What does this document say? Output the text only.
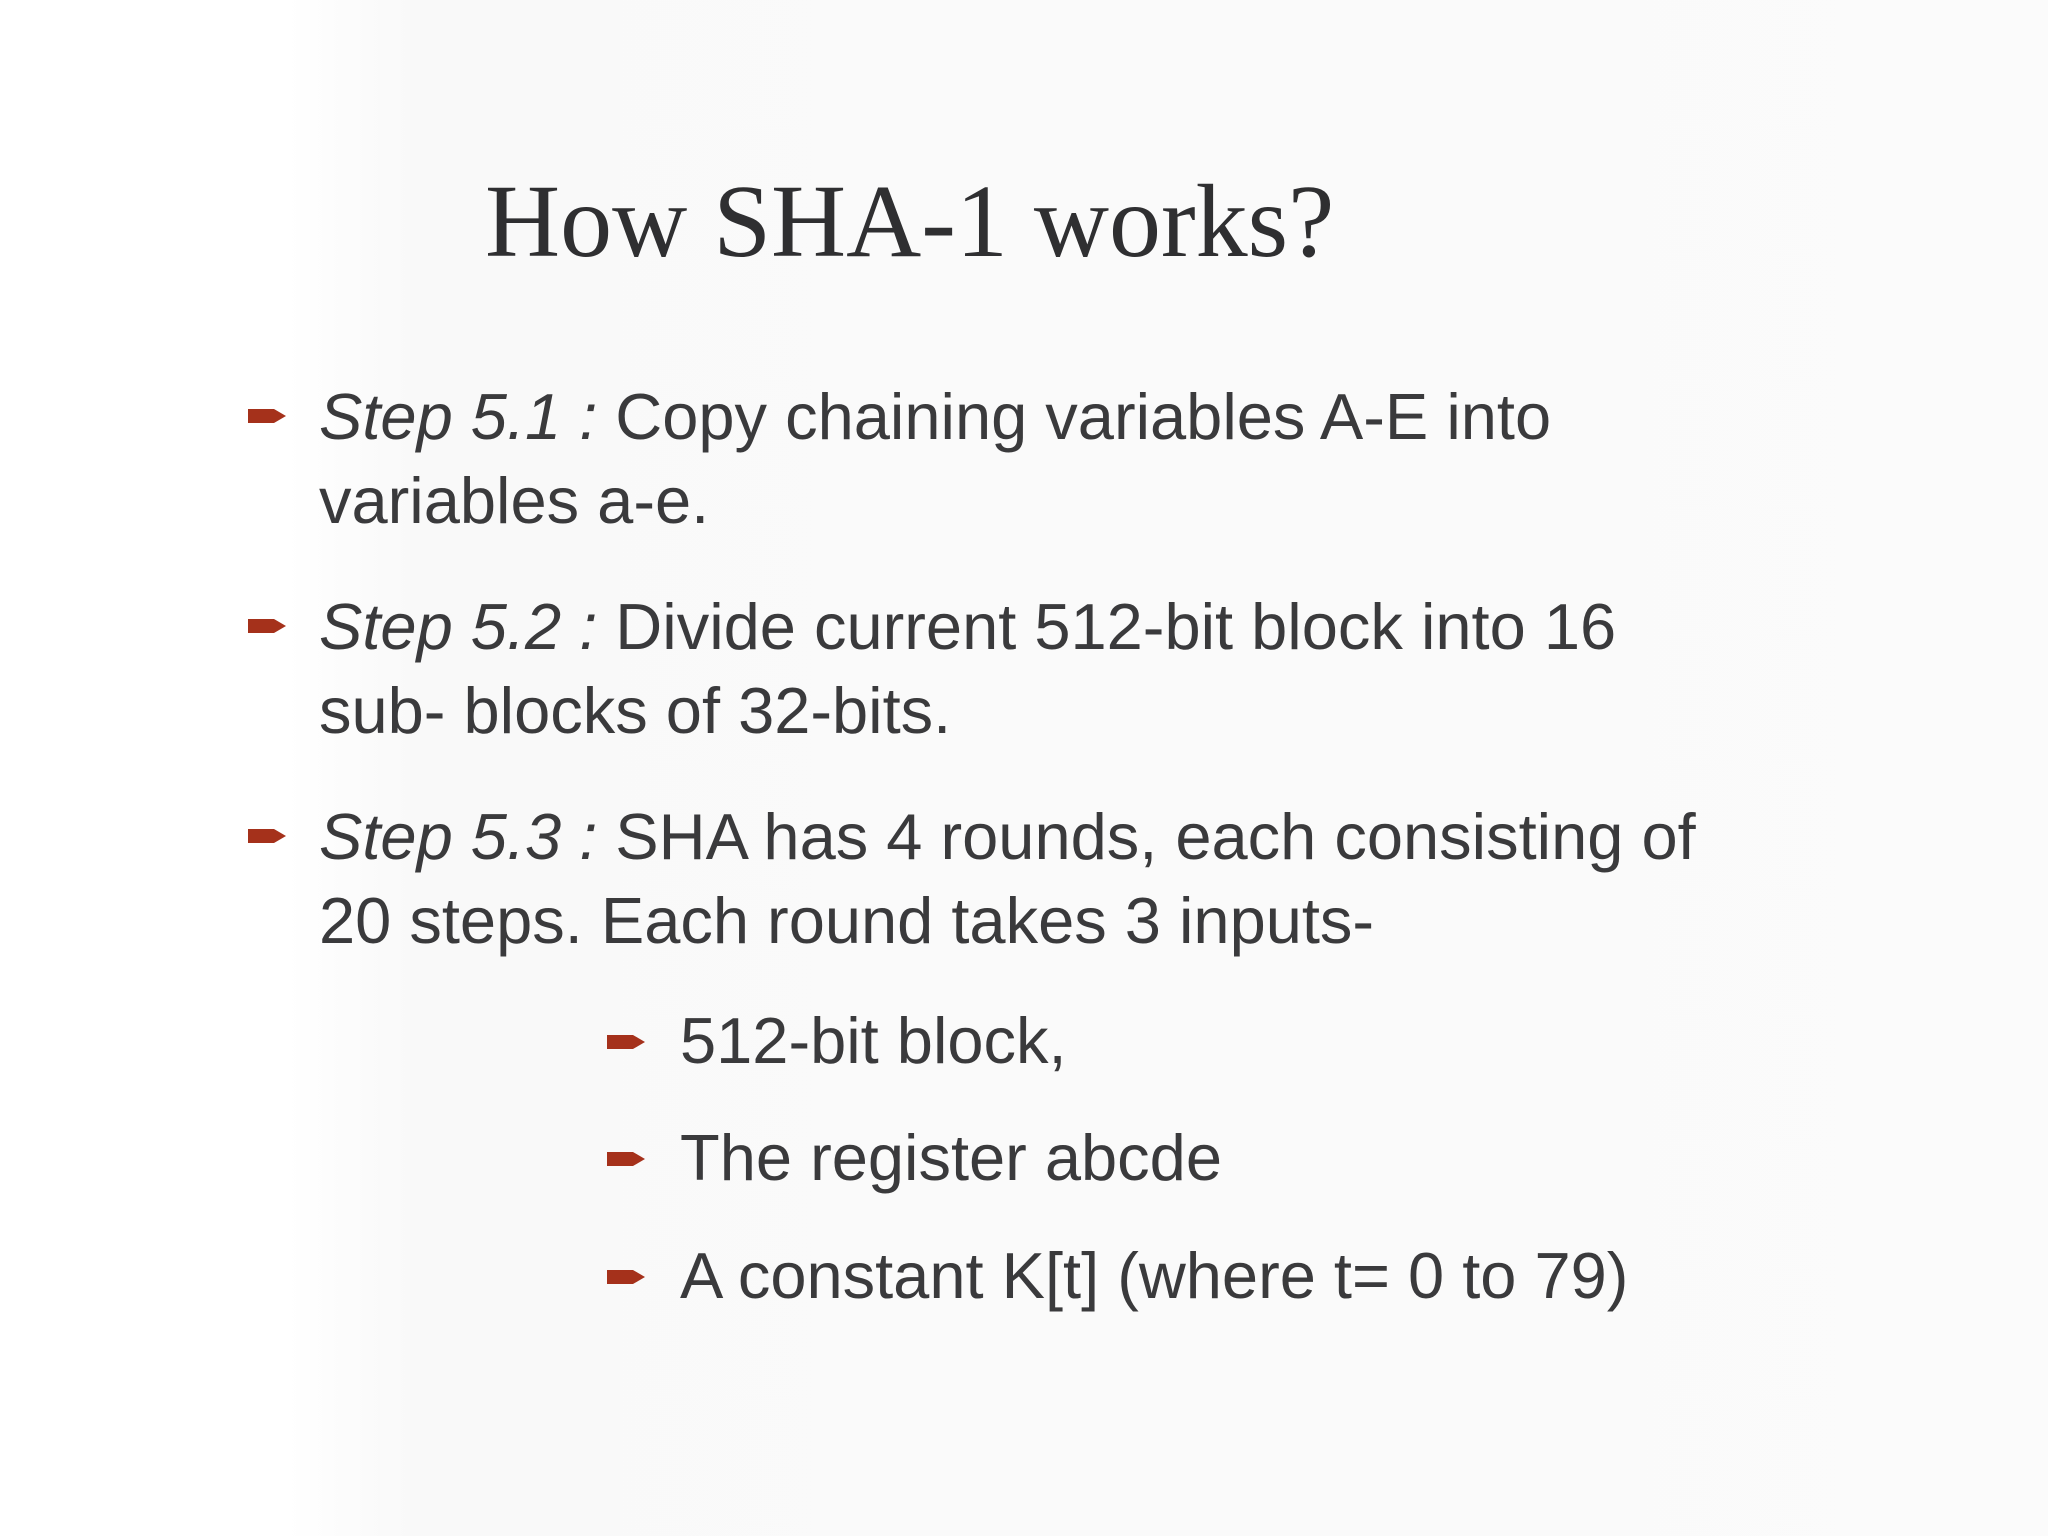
How SHA-1 works?
Step 5.1 : Copy chaining variables A-E into
variables a-e.
Step 5.2 : Divide current 512-bit block into 16
sub- blocks of 32-bits.
Step 5.3 : SHA has 4 rounds, each consisting of
20 steps. Each round takes 3 inputs-
512-bit block,
The register abcde
A constant K[t] (where t= 0 to 79)
